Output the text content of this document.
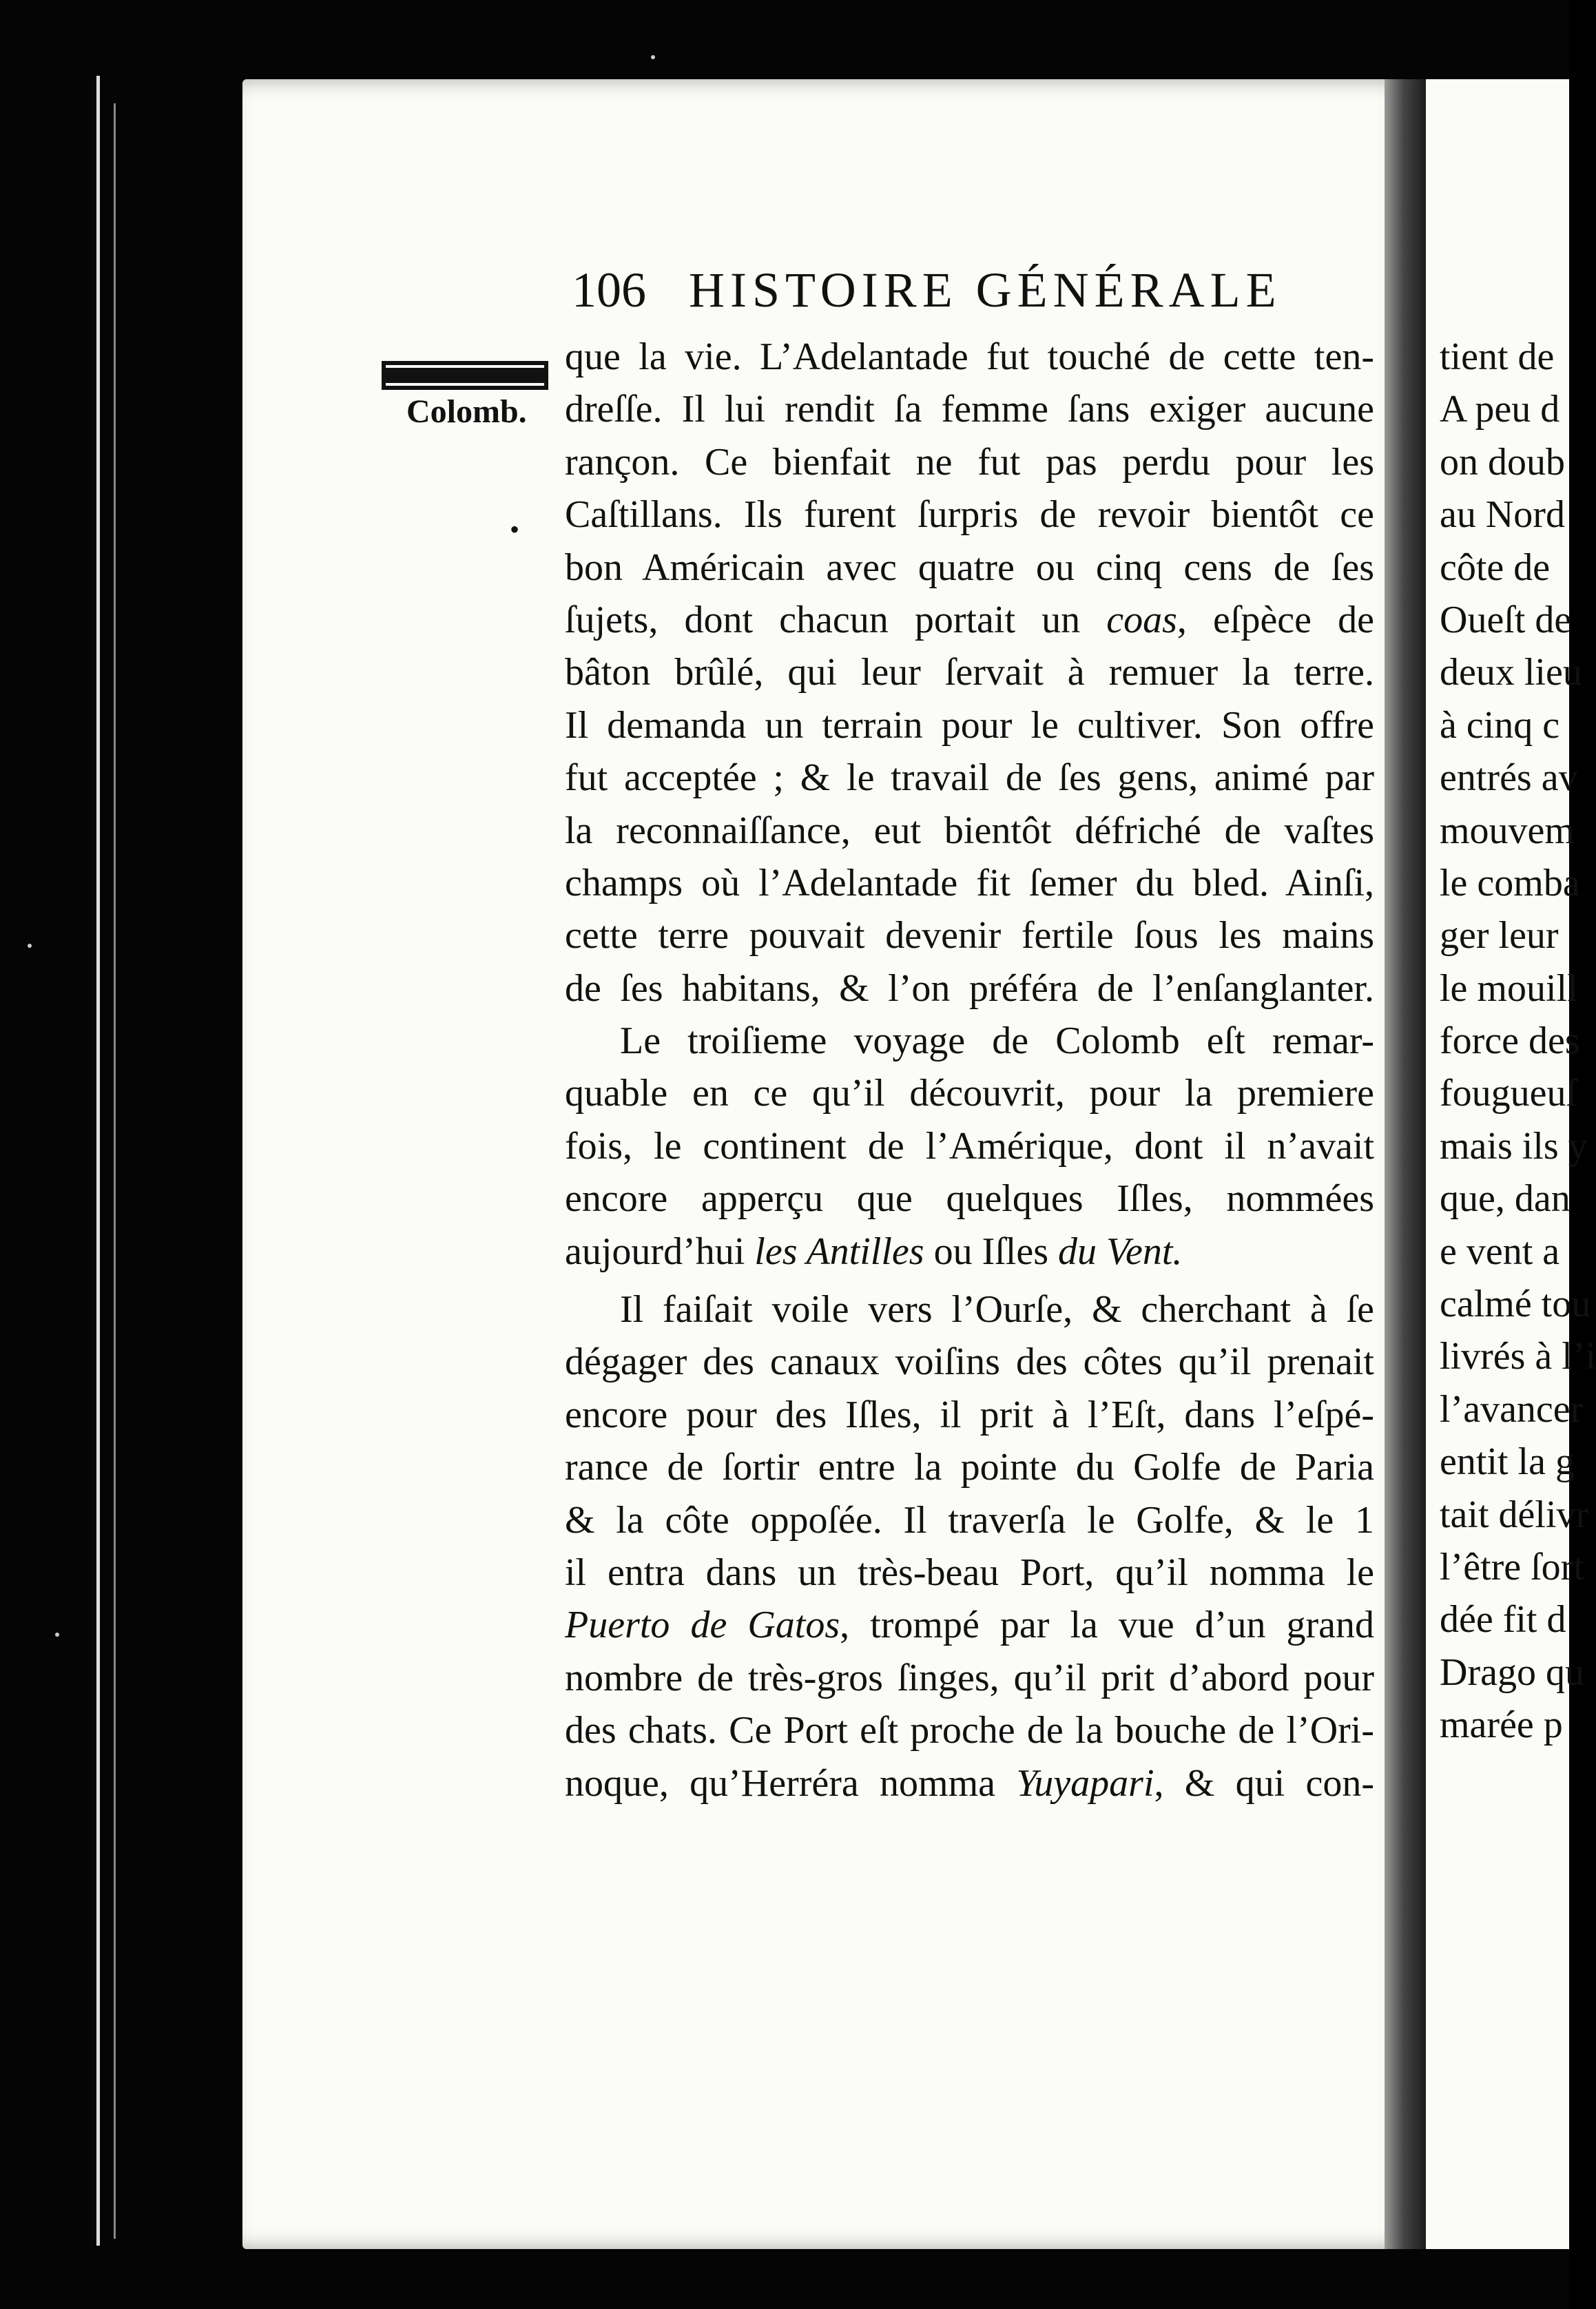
106 HISTOIRE GÉNÉRALE
Colomb.
•
que la vie. L’Adelantade fut touché de cette ten-
dreſſe. Il lui rendit ſa femme ſans exiger aucune
rançon. Ce bienfait ne fut pas perdu pour les
Caſtillans. Ils furent ſurpris de revoir bientôt ce
bon Américain avec quatre ou cinq cens de ſes
ſujets, dont chacun portait un coas, eſpèce de
bâton brûlé, qui leur ſervait à remuer la terre.
Il demanda un terrain pour le cultiver. Son offre
fut acceptée ; & le travail de ſes gens, animé par
la reconnaiſſance, eut bientôt défriché de vaſtes
champs où l’Adelantade fit ſemer du bled. Ainſi,
cette terre pouvait devenir fertile ſous les mains
de ſes habitans, & l’on préféra de l’enſanglanter.
Le troiſieme voyage de Colomb eſt remar-
quable en ce qu’il découvrit, pour la premiere
fois, le continent de l’Amérique, dont il n’avait
encore apperçu que quelques Iſles, nommées
aujourd’hui les Antilles ou Iſles du Vent.
Il faiſait voile vers l’Ourſe, & cherchant à ſe
dégager des canaux voiſins des côtes qu’il prenait
encore pour des Iſles, il prit à l’Eſt, dans l’eſpé-
rance de ſortir entre la pointe du Golfe de Paria
& la côte oppoſée. Il traverſa le Golfe, & le 1
il entra dans un très-beau Port, qu’il nomma le
Puerto de Gatos, trompé par la vue d’un grand
nombre de très-gros ſinges, qu’il prit d’abord pour
des chats. Ce Port eſt proche de la bouche de l’Ori-
noque, qu’Herréra nomma Yuyapari, & qui con-
tient de
A peu d
on doub
au Nord
côte de
Oueſt de
deux lieu
à cinq c
entrés av
mouvem
le comba
ger leur
le mouill
force des
fougueuſ
mais ils y
que, dan
e vent a
calmé tou
livrés à l’i
l’avancer
entit la g
tait délivr
l’être ſort
dée fit d
Drago qu
marée p
